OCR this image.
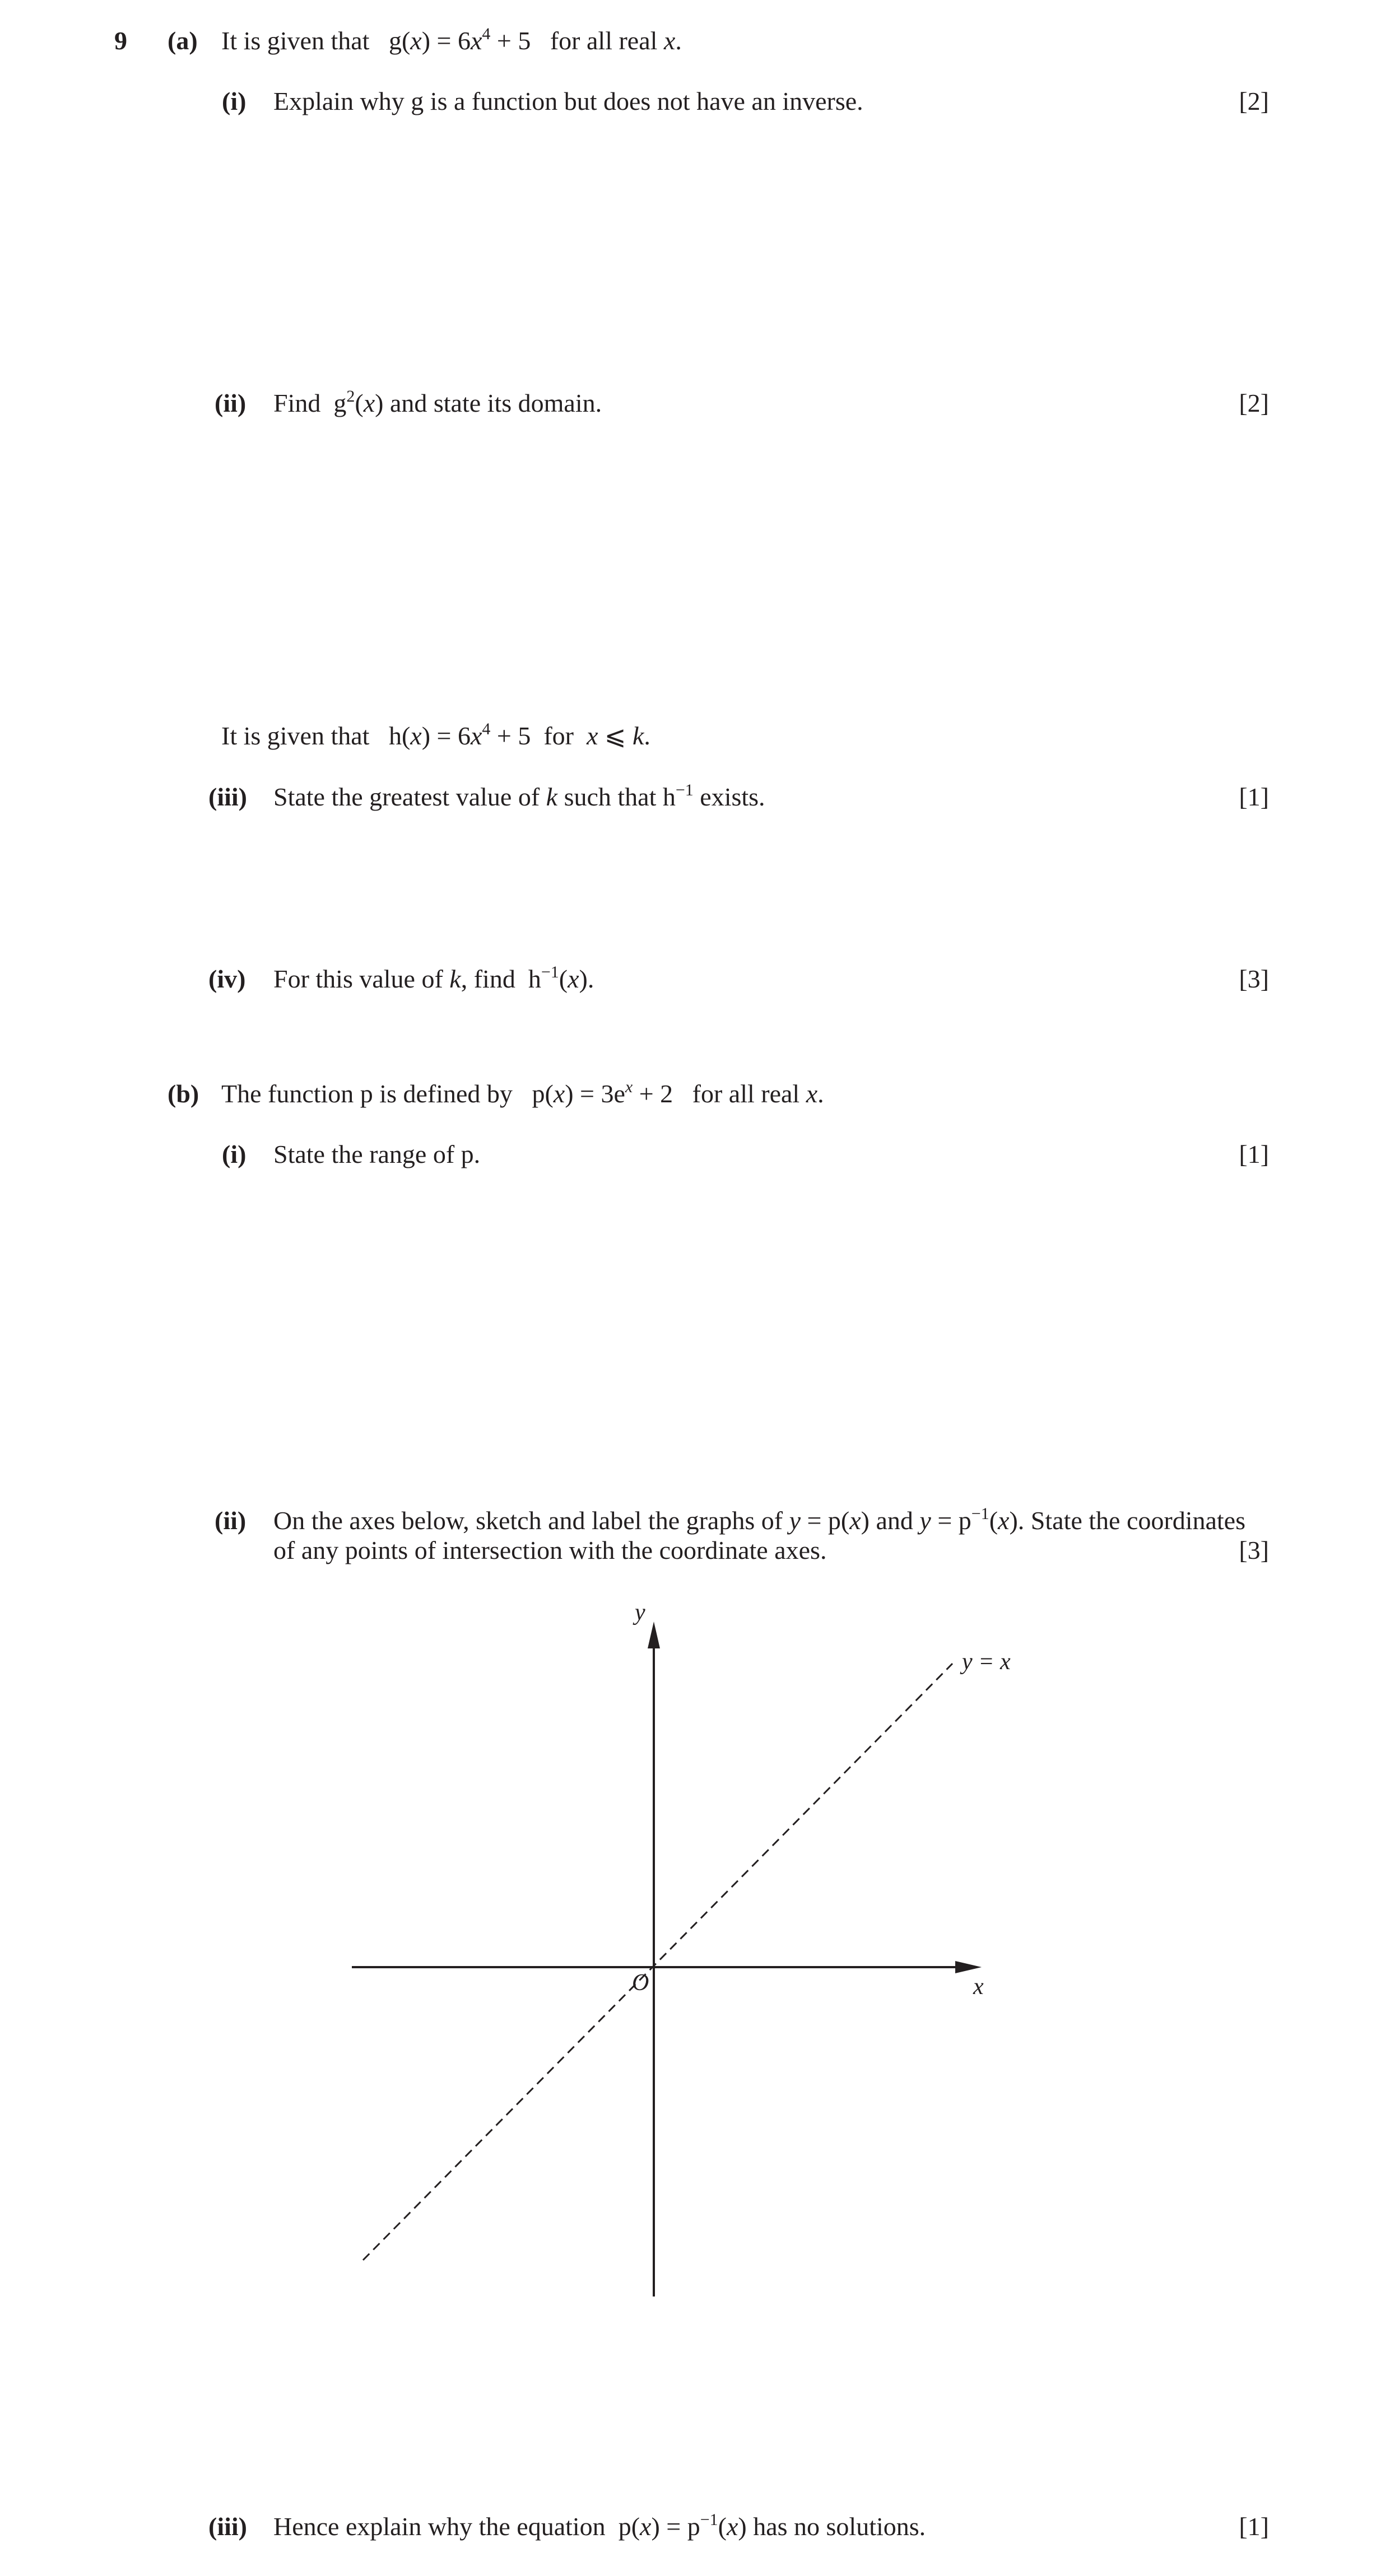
9 (a) It is given that $g(x) = 6x^4 + 5$   for all real x.
(i) Explain why g is a function but does not have an inverse.	[2]
(ii) Find  $g^2(x)$ and state its domain.	[2]
It is given that   $h(x) = 6x^4 + 5$  for  x ⩽ k.
(iii) State the greatest value of k such that $h^{-1}$ exists.	[1]
(iv) For this value of k, find  $h^{-1}(x)$.	[3]
(b) The function p is defined by   $p(x) = 3e^x + 2$   for all real x.
(i) State the range of p.	[1]
(ii) On the axes below, sketch and label the graphs of y = p(x) and $y = p^{-1}(x)$. State the coordinates
of any points of intersection with the coordinate axes.	[3]
y
x
O
y = x
(iii) Hence explain why the equation  $p(x) = p^{-1}(x)$ has no solutions.	[1]
